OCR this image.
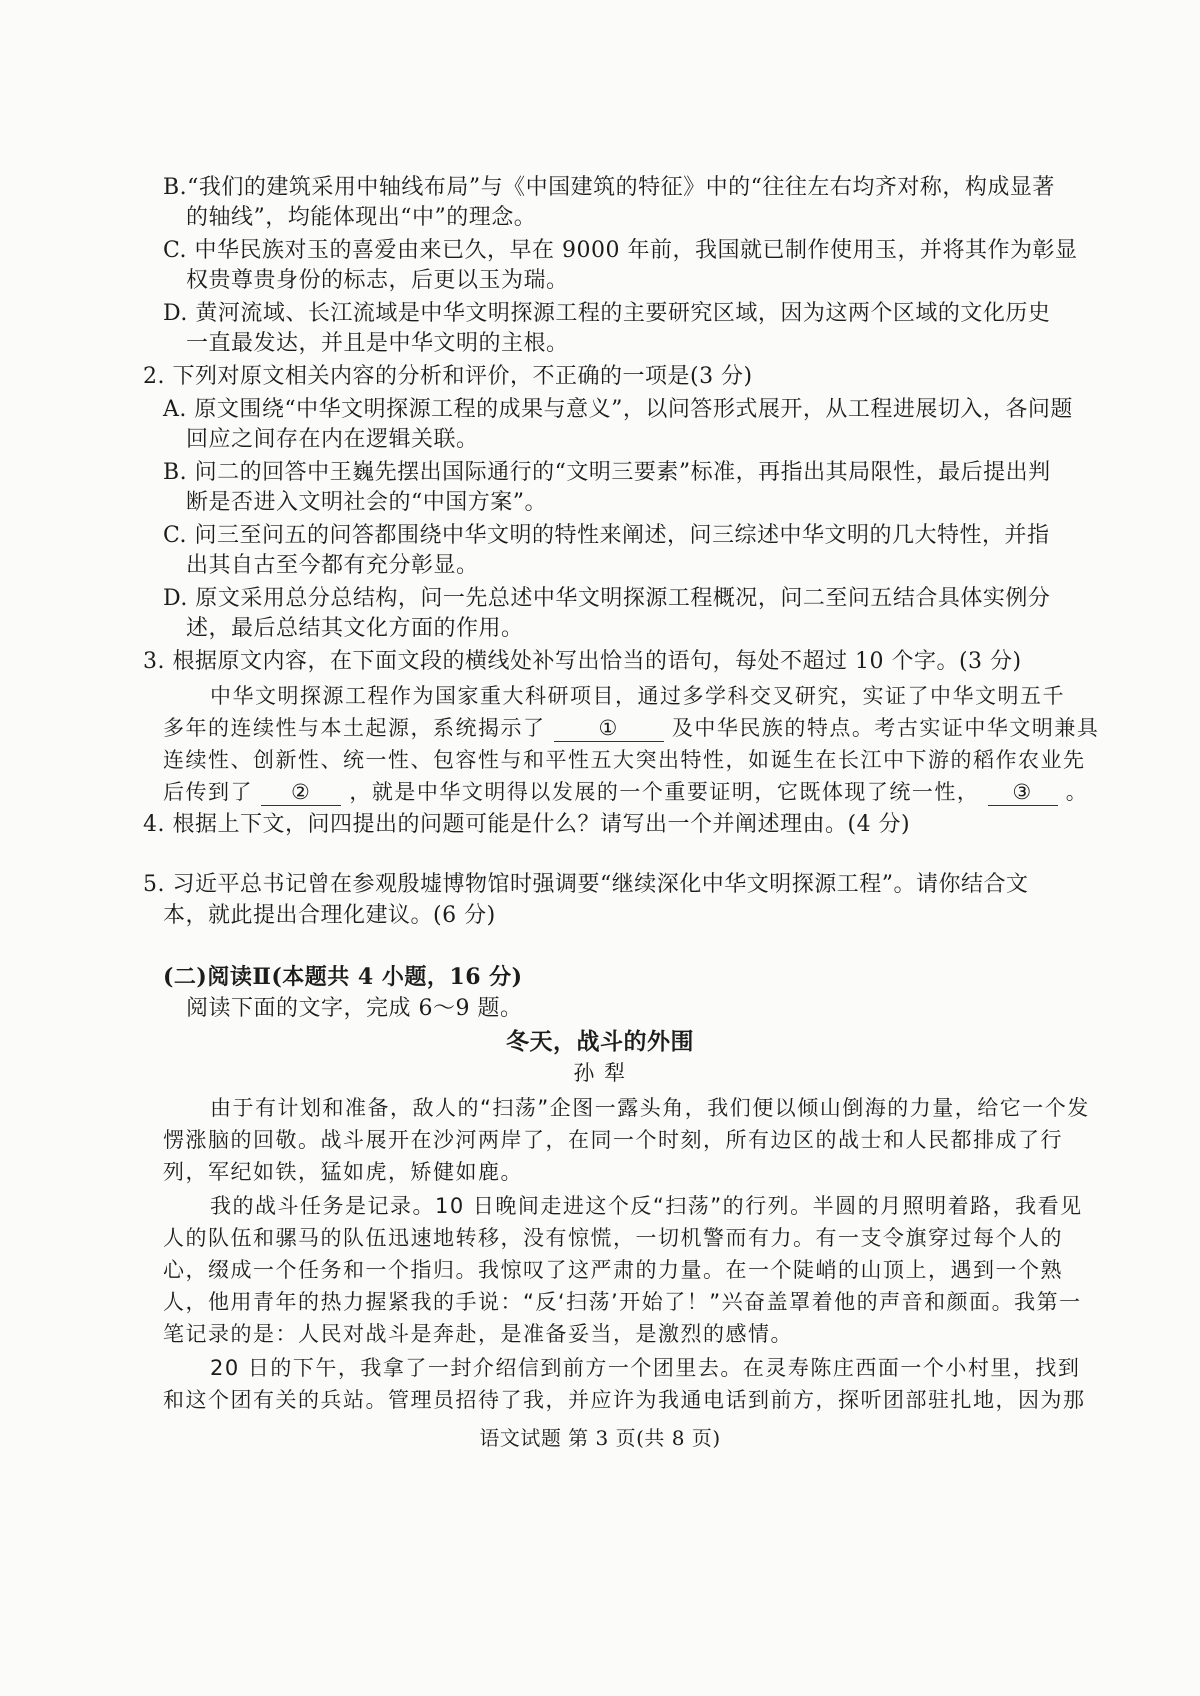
B.“我们的建筑采用中轴线布局”与《中国建筑的特征》中的“往往左右均齐对称，构成显著
的轴线”，均能体现出“中”的理念。
C. 中华民族对玉的喜爱由来已久，早在 9000 年前，我国就已制作使用玉，并将其作为彰显
权贵尊贵身份的标志，后更以玉为瑞。
D. 黄河流域、长江流域是中华文明探源工程的主要研究区域，因为这两个区域的文化历史
一直最发达，并且是中华文明的主根。
2. 下列对原文相关内容的分析和评价，不正确的一项是(3 分)
A. 原文围绕“中华文明探源工程的成果与意义”，以问答形式展开，从工程进展切入，各问题
回应之间存在内在逻辑关联。
B. 问二的回答中王巍先摆出国际通行的“文明三要素”标准，再指出其局限性，最后提出判
断是否进入文明社会的“中国方案”。
C. 问三至问五的问答都围绕中华文明的特性来阐述，问三综述中华文明的几大特性，并指
出其自古至今都有充分彰显。
D. 原文采用总分总结构，问一先总述中华文明探源工程概况，问二至问五结合具体实例分
述，最后总结其文化方面的作用。
3. 根据原文内容，在下面文段的横线处补写出恰当的语句，每处不超过 10 个字。(3 分)
中华文明探源工程作为国家重大科研项目，通过多学科交叉研究，实证了中华文明五千
多年的连续性与本土起源，系统揭示了	①	及中华民族的特点。考古实证中华文明兼具
连续性、创新性、统一性、包容性与和平性五大突出特性，如诞生在长江中下游的稻作农业先
后传到了 ② ，就是中华文明得以发展的一个重要证明，它既体现了统一性， ③ 。
4. 根据上下文，问四提出的问题可能是什么？请写出一个并阐述理由。(4 分)
5. 习近平总书记曾在参观殷墟博物馆时强调要“继续深化中华文明探源工程”。请你结合文
本，就此提出合理化建议。(6 分)
(二)阅读Ⅱ(本题共 4 小题，16 分)
阅读下面的文字，完成 6～9 题。
冬天，战斗的外围
孙 犁
由于有计划和准备，敌人的“扫荡”企图一露头角，我们便以倾山倒海的力量，给它一个发
愣涨脑的回敬。战斗展开在沙河两岸了，在同一个时刻，所有边区的战士和人民都排成了行
列，军纪如铁，猛如虎，矫健如鹿。
我的战斗任务是记录。10 日晚间走进这个反“扫荡”的行列。半圆的月照明着路，我看见
人的队伍和骡马的队伍迅速地转移，没有惊慌，一切机警而有力。有一支令旗穿过每个人的
心，缀成一个任务和一个指归。我惊叹了这严肃的力量。在一个陡峭的山顶上，遇到一个熟
人，他用青年的热力握紧我的手说：“反‘扫荡’开始了！”兴奋盖罩着他的声音和颜面。我第一
笔记录的是：人民对战斗是奔赴，是准备妥当，是激烈的感情。
20 日的下午，我拿了一封介绍信到前方一个团里去。在灵寿陈庄西面一个小村里，找到
和这个团有关的兵站。管理员招待了我，并应许为我通电话到前方，探听团部驻扎地，因为那
语文试题 第 3 页(共 8 页)
